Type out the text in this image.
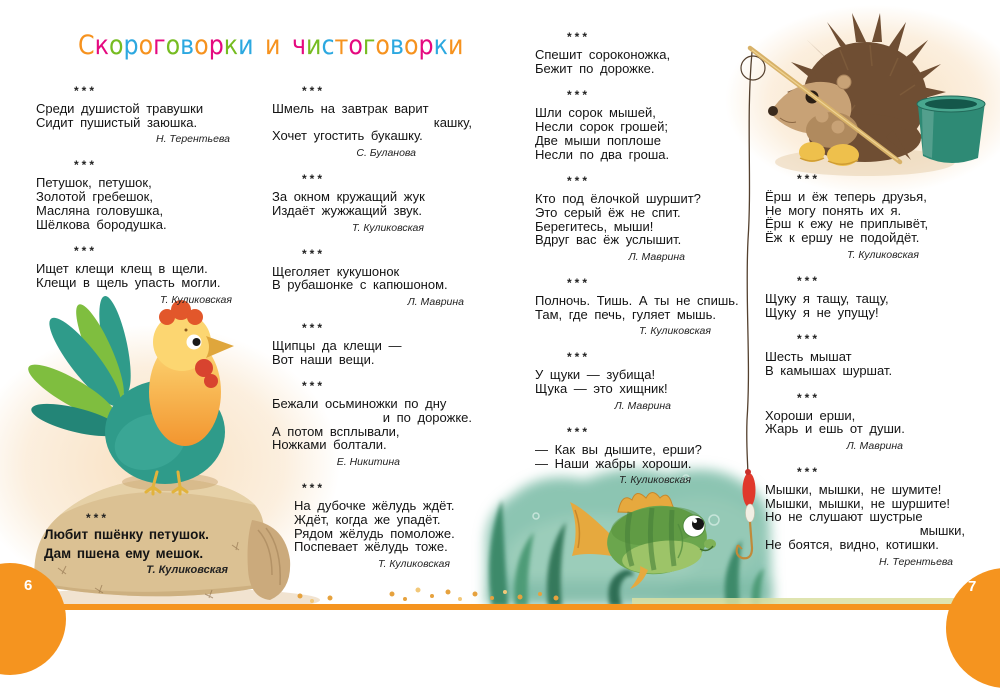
Скороговорки и чистоговорки
***
Среди душистой травушки
Сидит пушистый заюшка.
Н. Терентьева
***
Петушок, петушок,
Золотой гребешок,
Масляна головушка,
Шёлкова бородушка.
***
Ищет клещи клещ в щели.
Клещи в щель упасть могли.
Т. Куликовская
***
Шмель на завтрак варит
кашку,
Хочет угостить букашку.
С. Буланова
***
За окном кружащий жук
Издаёт жужжащий звук.
Т. Куликовская
***
Щеголяет кукушонок
В рубашонке с капюшоном.
Л. Маврина
***
Щипцы да клещи —
Вот наши вещи.
***
Бежали осьминожки по дну
и по дорожке.
А потом всплывали,
Ножками болтали.
Е. Никитина
***
На дубочке жёлудь ждёт.
Ждёт, когда же упадёт.
Рядом жёлудь помоложе.
Поспевает жёлудь тоже.
Т. Куликовская
***
Спешит сороконожка,
Бежит по дорожке.
***
Шли сорок мышей,
Несли сорок грошей;
Две мыши поплоше
Несли по два гроша.
***
Кто под ёлочкой шуршит?
Это серый ёж не спит.
Берегитесь, мыши!
Вдруг вас ёж услышит.
Л. Маврина
***
Полночь. Тишь. А ты не спишь.
Там, где печь, гуляет мышь.
Т. Куликовская
***
У щуки — зубища!
Щука — это хищник!
Л. Маврина
***
— Как вы дышите, ерши?
— Наши жабры хороши.
Т. Куликовская
***
Ёрш и ёж теперь друзья,
Не могу понять их я.
Ёрш к ежу не приплывёт,
Ёж к ершу не подойдёт.
Т. Куликовская
***
Щуку я тащу, тащу,
Щуку я не упущу!
***
Шесть мышат
В камышах шуршат.
***
Хороши ерши,
Жарь и ешь от души.
Л. Маврина
***
Мышки, мышки, не шумите!
Мышки, мышки, не шуршите!
Но не слушают шустрые
мышки,
Не боятся, видно, котишки.
Н. Терентьева
***
Любит пшёнку петушок.
Дам пшена ему мешок.
Т. Куликовская
6	7
